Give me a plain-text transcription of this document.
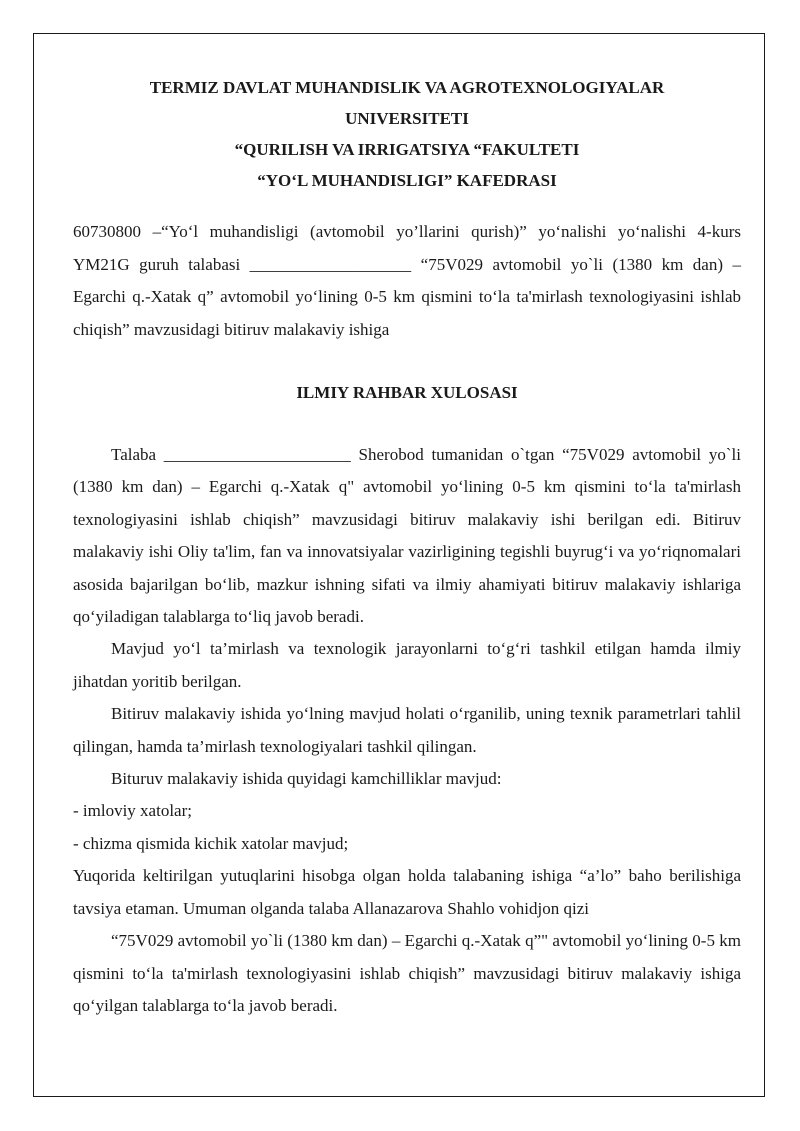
TERMIZ DAVLAT MUHANDISLIK VA AGROTEXNOLOGIYALAR
UNIVERSITETI
“QURILISH VA IRRIGATSIYA “FAKULTETI
“YO‘L MUHANDISLIGI” KAFEDRASI
60730800 –“Yo‘l muhandisligi (avtomobil yo’llarini qurish)” yo‘nalishi yo‘nalishi 4-kurs YM21G guruh talabasi ___________________ “75V029 avtomobil yo`li (1380 km dan) – Egarchi q.-Xatak q” avtomobil yo‘lining 0-5 km qismini to‘la ta'mirlash texnologiyasini ishlab chiqish” mavzusidagi bitiruv malakaviy ishiga
ILMIY RAHBAR XULOSASI
Talaba ______________________ Sherobod tumanidan o`tgan “75V029 avtomobil yo`li (1380 km dan) – Egarchi q.-Xatak q" avtomobil yo‘lining 0-5 km qismini to‘la ta'mirlash texnologiyasini ishlab chiqish” mavzusidagi bitiruv malakaviy ishi berilgan edi. Bitiruv malakaviy ishi Oliy ta'lim, fan va innovatsiyalar vazirligining tegishli buyrug‘i va yo‘riqnomalari asosida bajarilgan bo‘lib, mazkur ishning sifati va ilmiy ahamiyati bitiruv malakaviy ishlariga qo‘yiladigan talablarga to‘liq javob beradi.
Mavjud yo‘l ta’mirlash va texnologik jarayonlarni to‘g‘ri tashkil etilgan hamda ilmiy jihatdan yoritib berilgan.
Bitiruv malakaviy ishida yo‘lning mavjud holati o‘rganilib, uning texnik parametrlari tahlil qilingan, hamda ta’mirlash texnologiyalari tashkil qilingan.
Bituruv malakaviy ishida quyidagi kamchilliklar mavjud:
- imloviy xatolar;
- chizma qismida kichik xatolar mavjud;
Yuqorida keltirilgan yutuqlarini hisobga olgan holda talabaning ishiga “a’lo” baho berilishiga tavsiya etaman. Umuman olganda talaba Allanazarova Shahlo vohidjon qizi
“75V029 avtomobil yo`li (1380 km dan) – Egarchi q.-Xatak q”" avtomobil yo‘lining 0-5 km qismini to‘la ta'mirlash texnologiyasini ishlab chiqish” mavzusidagi bitiruv malakaviy ishiga qo‘yilgan talablarga to‘la javob beradi.
